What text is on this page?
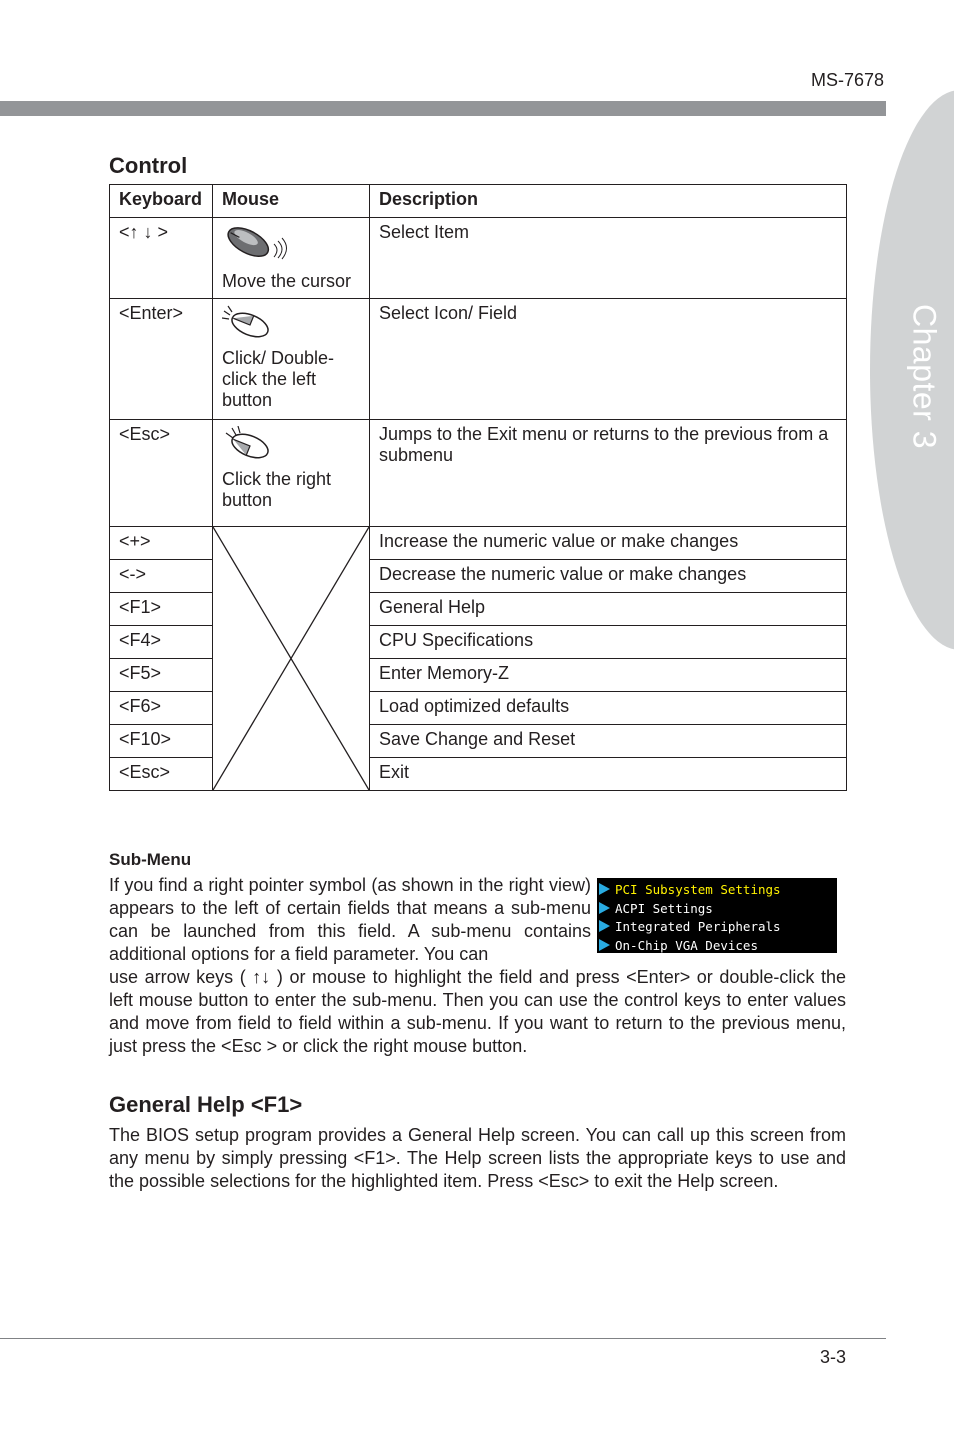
MS-7678
Chapter 3
Control
Keyboard	Mouse	Description
<↑ ↓ >	Move the cursor	Select Item
<Enter>	Click/ Double-click the left button	Select Icon/ Field
<Esc>	Click the right button	Jumps to the Exit menu or returns to the previous from a submenu
<+>		Increase the numeric value or make changes
<->		Decrease the numeric value or make changes
<F1>		General Help
<F4>		CPU Specifications
<F5>		Enter Memory-Z
<F6>		Load optimized defaults
<F10>		Save Change and Reset
<Esc>		Exit
Sub-Menu

If you find a right pointer symbol (as shown in the right view) appears to the left of certain fields that means a sub-menu can be launched from this field. A sub-menu contains additional options for a field parameter. You can

PCI Subsystem Settings
ACPI Settings
Integrated Peripherals
On-Chip VGA Devices

use arrow keys ( ↑↓ ) or mouse to highlight the field and press <Enter> or double-click the left mouse button to enter the sub-menu. Then you can use the control keys to enter values and move from field to field within a sub-menu. If you want to return to the previous menu, just press the <Esc > or click the right mouse button.

General Help <F1>

The BIOS setup program provides a General Help screen. You can call up this screen from any menu by simply pressing <F1>. The Help screen lists the appropriate keys to use and the possible selections for the highlighted item. Press <Esc> to exit the Help screen.

3-3
